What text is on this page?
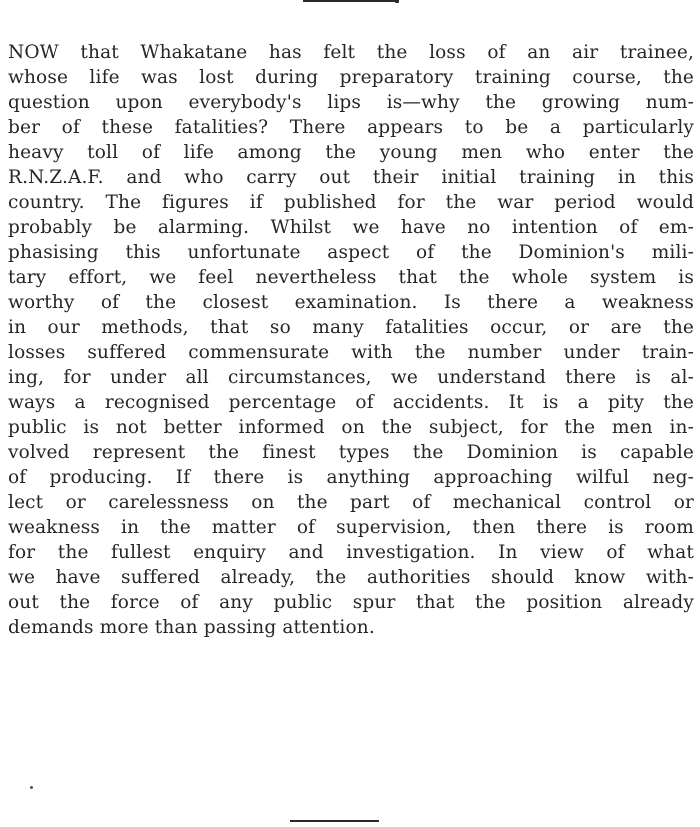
NOW that Whakatane has felt the loss of an air trainee,
whose life was lost during preparatory training course, the
question upon everybody's lips is—why the growing num-
ber of these fatalities? There appears to be a particularly
heavy toll of life among the young men who enter the
R.N.Z.A.F. and who carry out their initial training in this
country. The figures if published for the war period would
probably be alarming. Whilst we have no intention of em-
phasising this unfortunate aspect of the Dominion's mili-
tary effort, we feel nevertheless that the whole system is
worthy of the closest examination. Is there a weakness
in our methods, that so many fatalities occur, or are the
losses suffered commensurate with the number under train-
ing, for under all circumstances, we understand there is al-
ways a recognised percentage of accidents. It is a pity the
public is not better informed on the subject, for the men in-
volved represent the finest types the Dominion is capable
of producing. If there is anything approaching wilful neg-
lect or carelessness on the part of mechanical control or
weakness in the matter of supervision, then there is room
for the fullest enquiry and investigation. In view of what
we have suffered already, the authorities should know with-
out the force of any public spur that the position already
demands more than passing attention.
